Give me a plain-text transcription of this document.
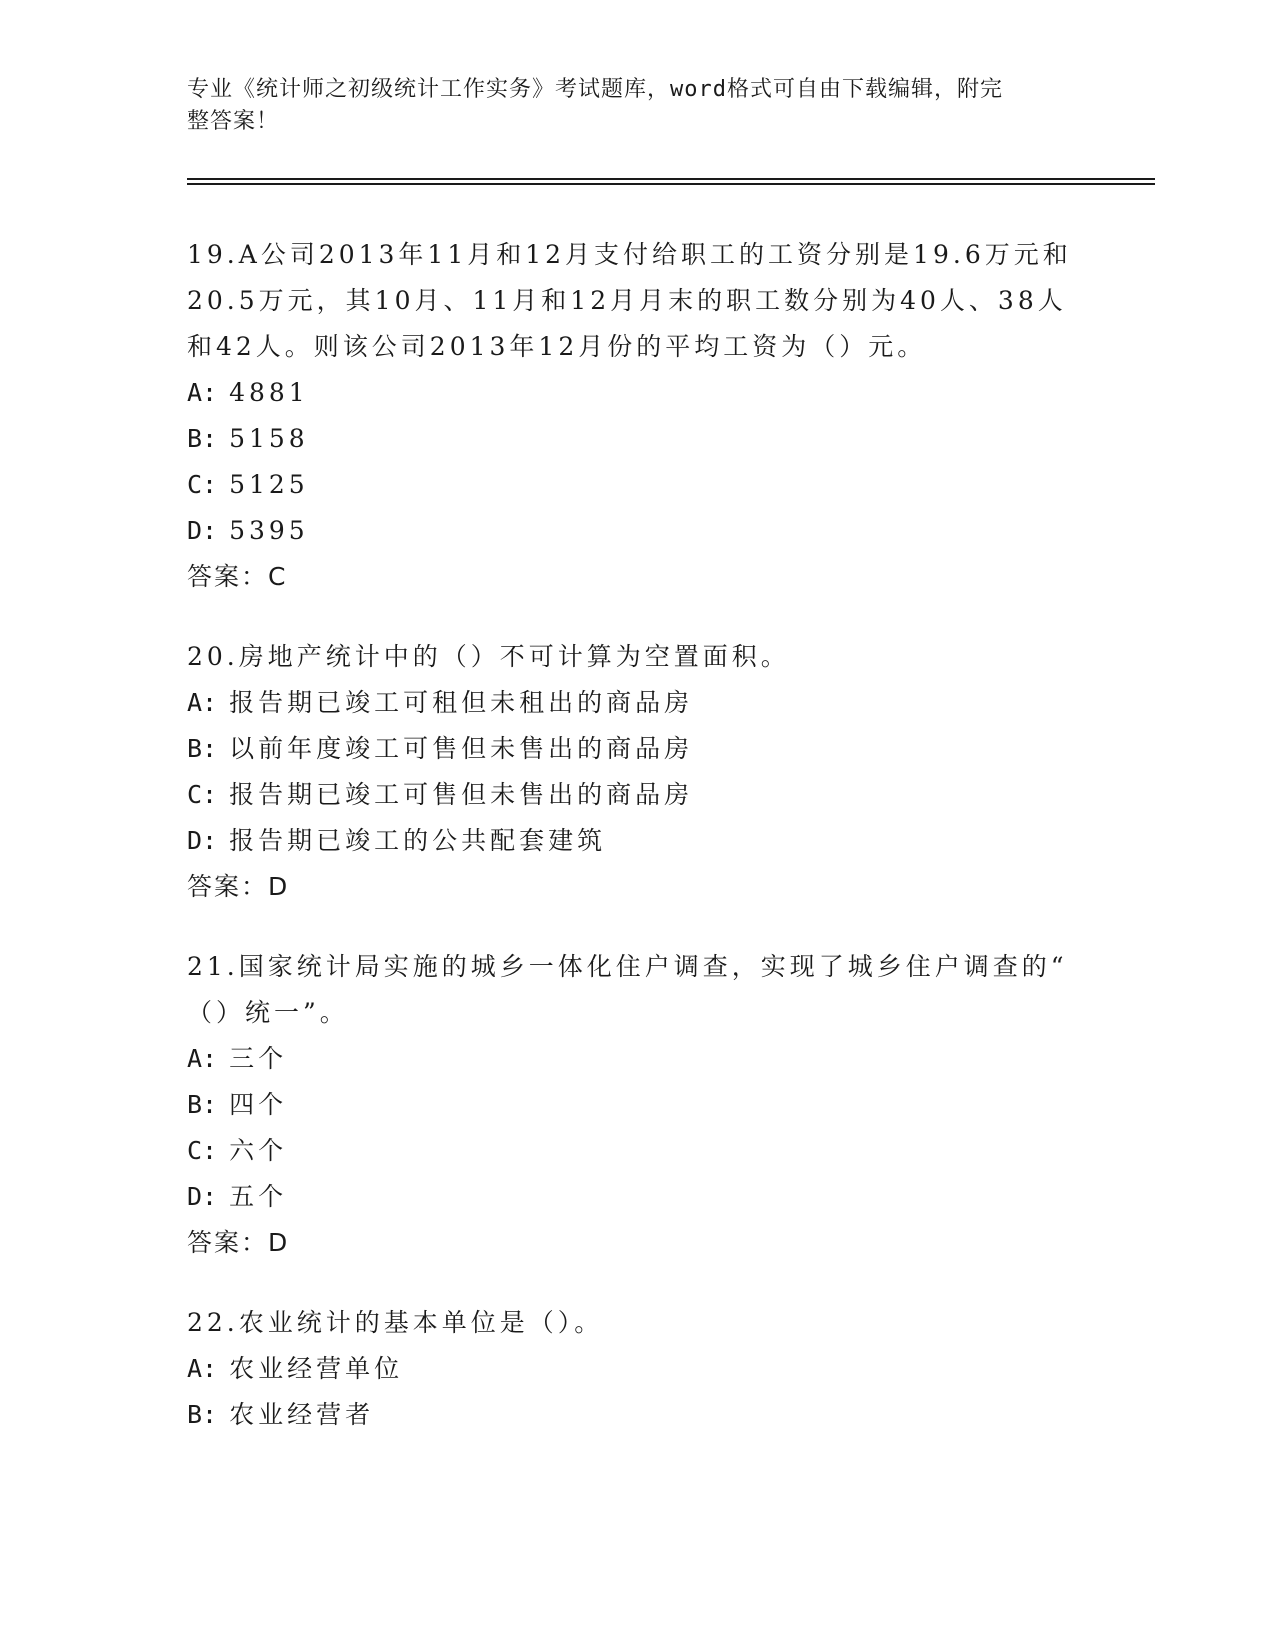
专业《统计师之初级统计工作实务》考试题库，word格式可自由下载编辑，附完
整答案！
19.A公司2013年11月和12月支付给职工的工资分别是19.6万元和
20.5万元，其10月、11月和12月月末的职工数分别为40人、38人
和42人。则该公司2013年12月份的平均工资为（）元。
A: 4881
B: 5158
C: 5125
D: 5395
答案：C
20.房地产统计中的（）不可计算为空置面积。
A: 报告期已竣工可租但未租出的商品房
B: 以前年度竣工可售但未售出的商品房
C: 报告期已竣工可售但未售出的商品房
D: 报告期已竣工的公共配套建筑
答案：D
21.国家统计局实施的城乡一体化住户调查，实现了城乡住户调查的“
（）统一”。
A: 三个
B: 四个
C: 六个
D: 五个
答案：D
22.农业统计的基本单位是（）。
A: 农业经营单位
B: 农业经营者
